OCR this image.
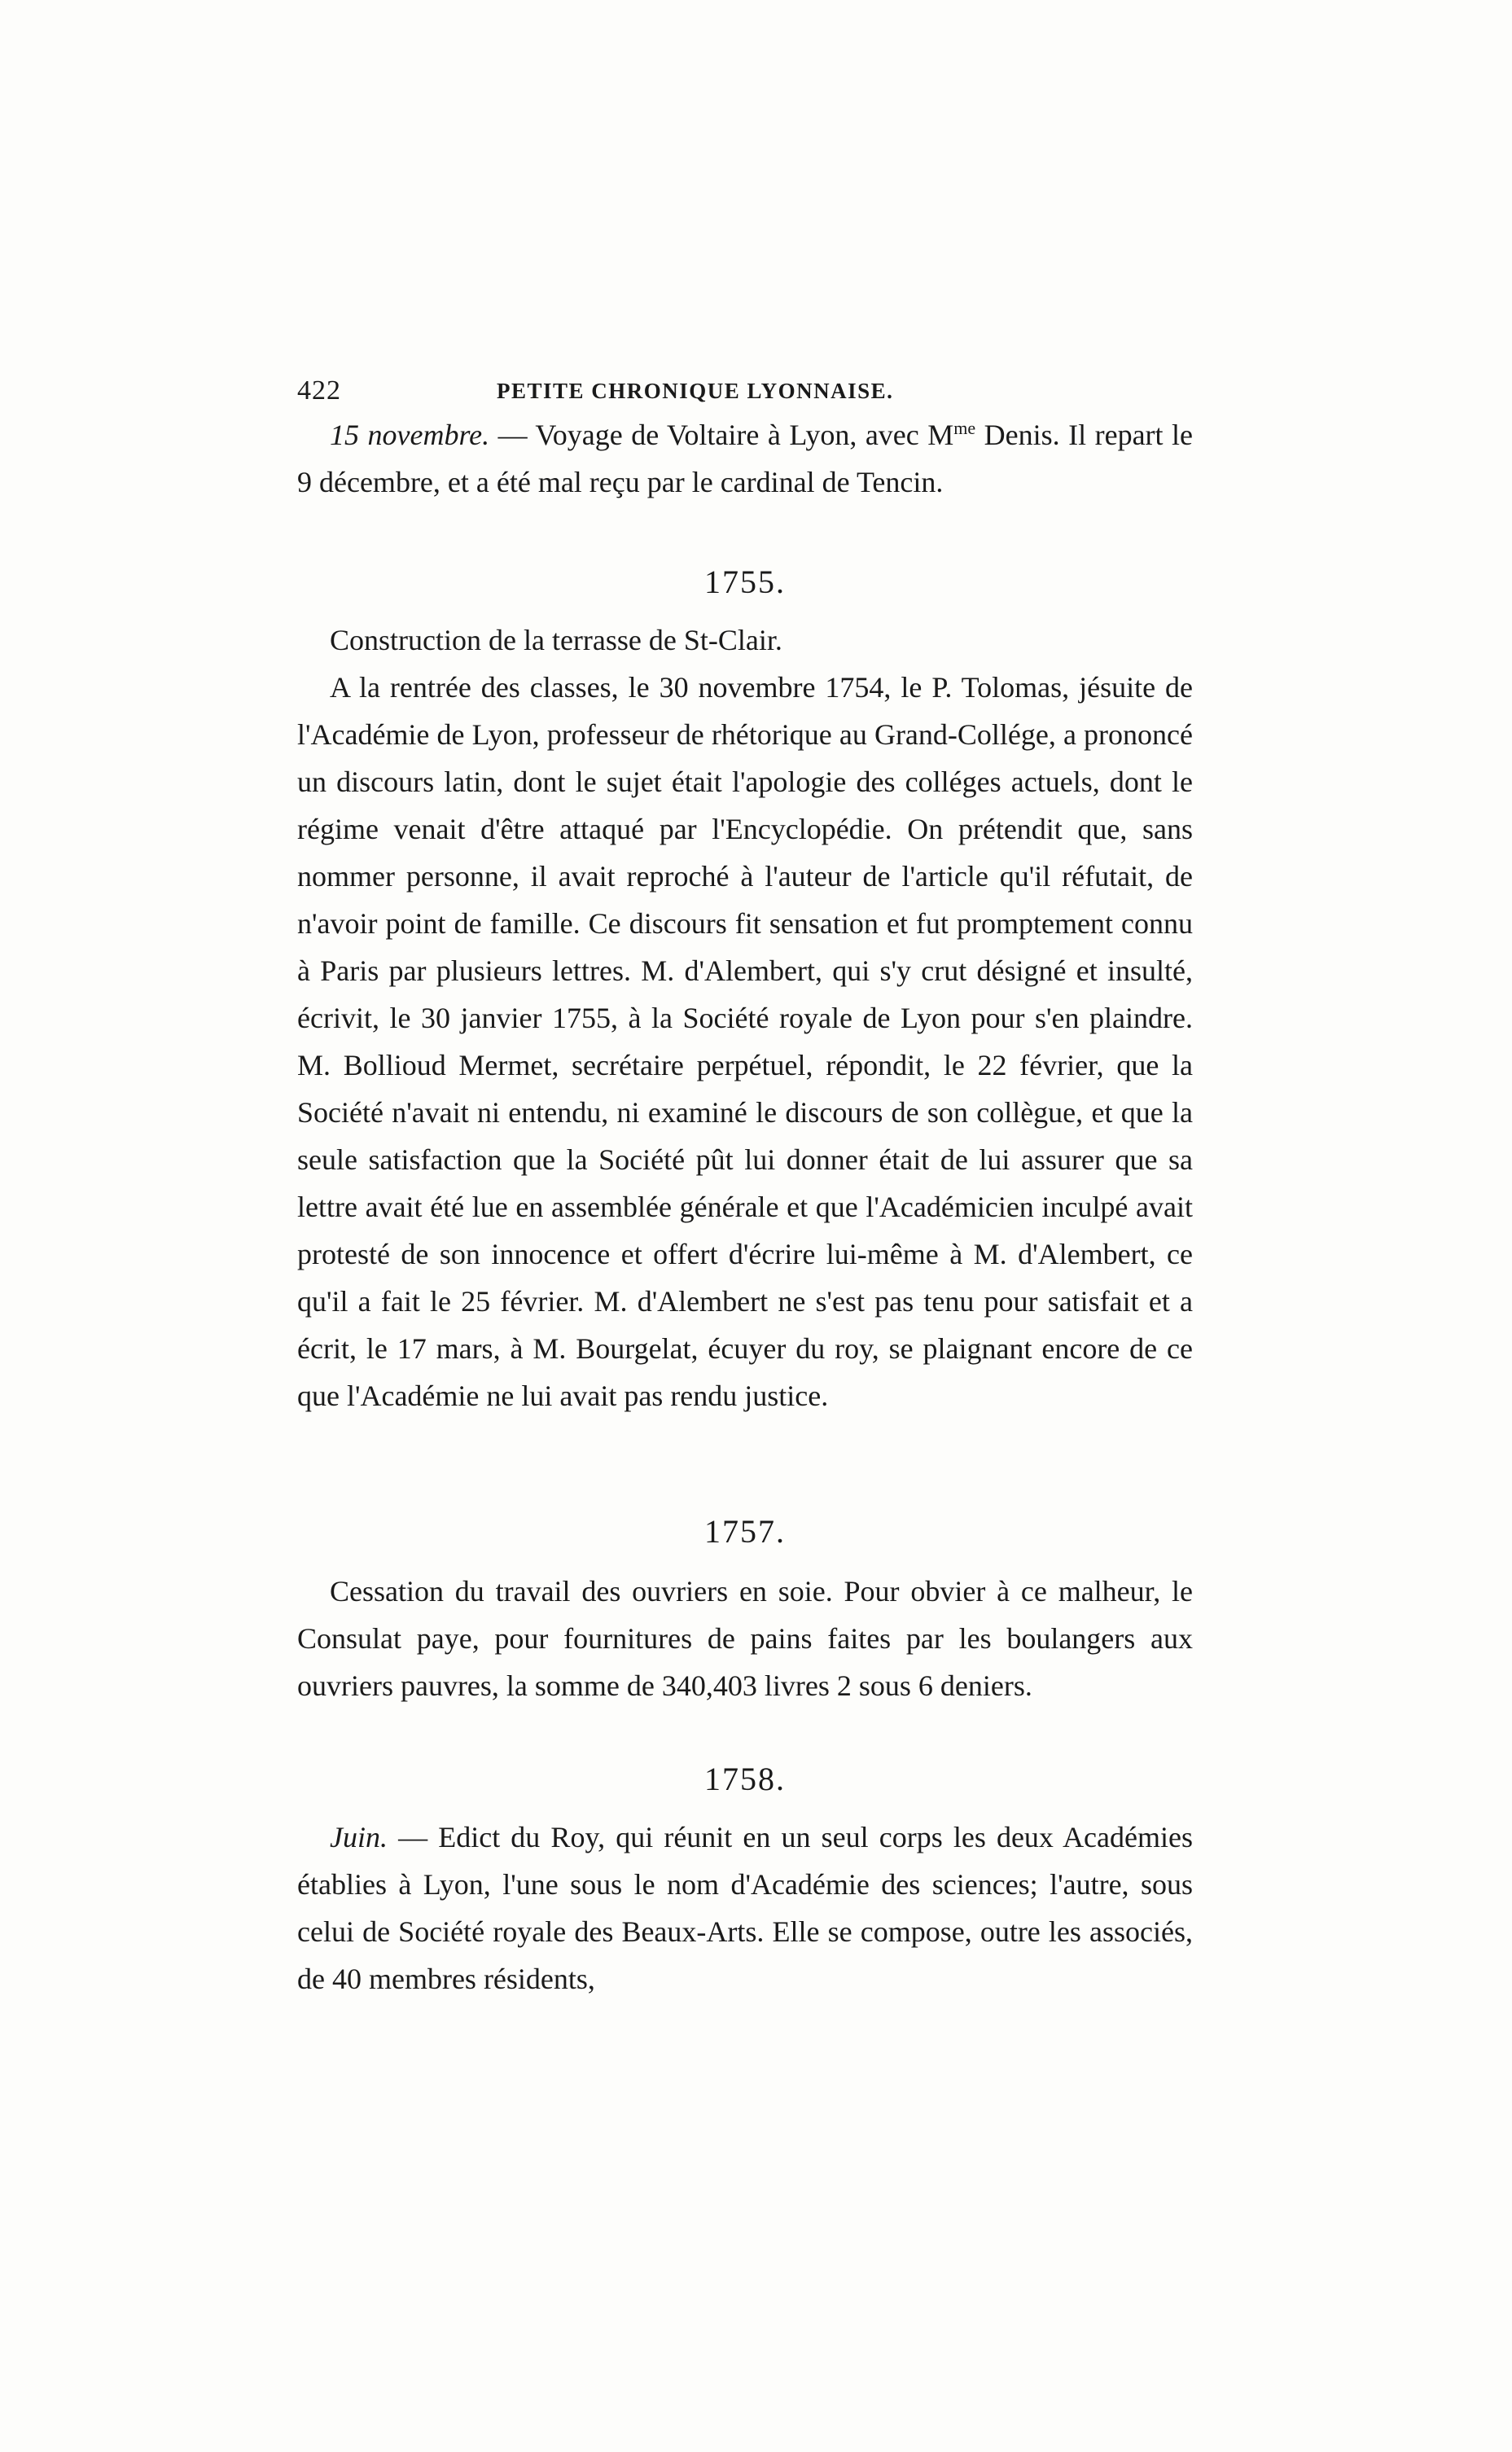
422	PETITE CHRONIQUE LYONNAISE.

15 novembre. — Voyage de Voltaire à Lyon, avec $M^{me}$ Denis. Il repart le 9 décembre, et a été mal reçu par le cardinal de Tencin.

1755.

Construction de la terrasse de St-Clair.

A la rentrée des classes, le 30 novembre 1754, le P. Tolomas, jésuite de l'Académie de Lyon, professeur de rhétorique au Grand-Collége, a prononcé un discours latin, dont le sujet était l'apologie des colléges actuels, dont le régime venait d'être attaqué par l'Encyclopédie. On prétendit que, sans nommer personne, il avait reproché à l'auteur de l'article qu'il réfutait, de n'avoir point de famille. Ce discours fit sensation et fut promptement connu à Paris par plusieurs lettres. M. d'Alembert, qui s'y crut désigné et insulté, écrivit, le 30 janvier 1755, à la Société royale de Lyon pour s'en plaindre. M. Bollioud Mermet, secrétaire perpétuel, répondit, le 22 février, que la Société n'avait ni entendu, ni examiné le discours de son collègue, et que la seule satisfaction que la Société pût lui donner était de lui assurer que sa lettre avait été lue en assemblée générale et que l'Académicien inculpé avait protesté de son innocence et offert d'écrire lui-même à M. d'Alembert, ce qu'il a fait le 25 février. M. d'Alembert ne s'est pas tenu pour satisfait et a écrit, le 17 mars, à M. Bourgelat, écuyer du roy, se plaignant encore de ce que l'Académie ne lui avait pas rendu justice.

1757.

Cessation du travail des ouvriers en soie. Pour obvier à ce malheur, le Consulat paye, pour fournitures de pains faites par les boulangers aux ouvriers pauvres, la somme de 340,403 livres 2 sous 6 deniers.

1758.

Juin. — Edict du Roy, qui réunit en un seul corps les deux Académies établies à Lyon, l'une sous le nom d'Académie des sciences; l'autre, sous celui de Société royale des Beaux-Arts. Elle se compose, outre les associés, de 40 membres résidents,
